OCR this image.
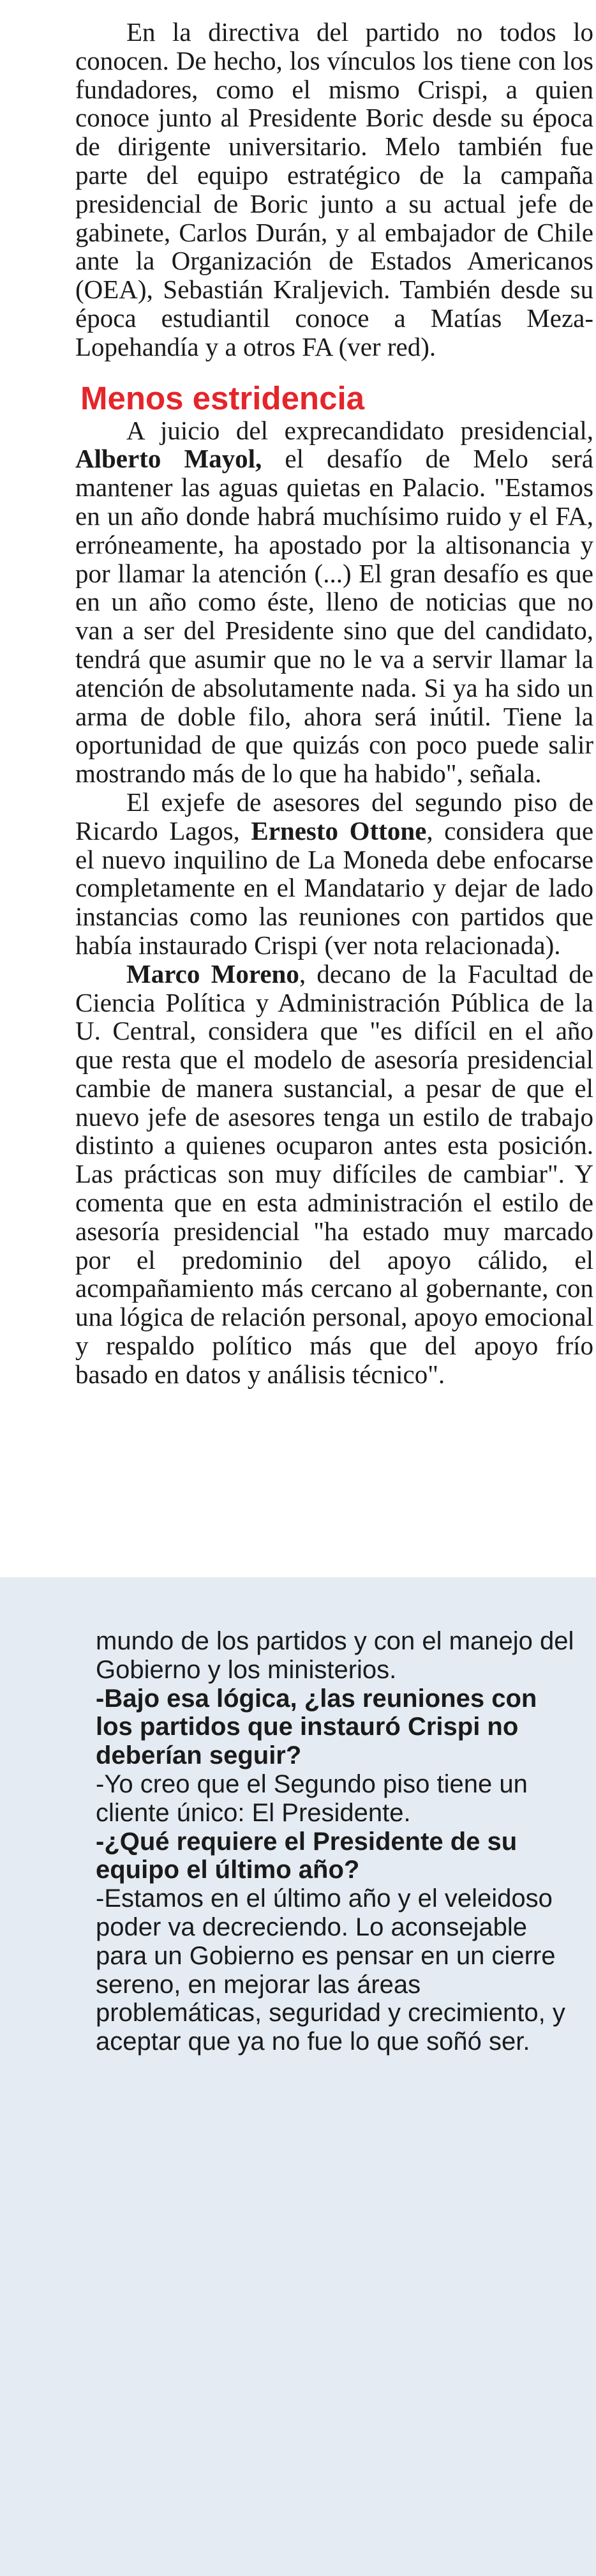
En la directiva del partido no todos lo conocen. De hecho, los vínculos los tiene con los fundadores, como el mismo Crispi, a quien conoce junto al Presidente Boric desde su época de dirigente universitario. Melo también fue parte del equipo estratégico de la campaña presidencial de Boric junto a su actual jefe de gabinete, Carlos Durán, y al embajador de Chile ante la Organización de Estados Americanos (OEA), Sebastián Kraljevich. También desde su época estudiantil conoce a Matías Meza-Lopehandía y a otros FA (ver red).

Menos estridencia

A juicio del exprecandidato presidencial, Alberto Mayol, el desafío de Melo será mantener las aguas quietas en Palacio. "Estamos en un año donde habrá muchísimo ruido y el FA, erróneamente, ha apostado por la altisonancia y por llamar la atención (...) El gran desafío es que en un año como éste, lleno de noticias que no van a ser del Presidente sino que del candidato, tendrá que asumir que no le va a servir llamar la atención de absolutamente nada. Si ya ha sido un arma de doble filo, ahora será inútil. Tiene la oportunidad de que quizás con poco puede salir mostrando más de lo que ha habido", señala.

El exjefe de asesores del segundo piso de Ricardo Lagos, Ernesto Ottone, considera que el nuevo inquilino de La Moneda debe enfocarse completamente en el Mandatario y dejar de lado instancias como las reuniones con partidos que había instaurado Crispi (ver nota relacionada).

Marco Moreno, decano de la Facultad de Ciencia Política y Administración Pública de la U. Central, considera que "es difícil en el año que resta que el modelo de asesoría presidencial cambie de manera sustancial, a pesar de que el nuevo jefe de asesores tenga un estilo de trabajo distinto a quienes ocuparon antes esta posición. Las prácticas son muy difíciles de cambiar". Y comenta que en esta administración el estilo de asesoría presidencial "ha estado muy marcado por el predominio del apoyo cálido, el acompañamiento más cercano al gobernante, con una lógica de relación personal, apoyo emocional y respaldo político más que del apoyo frío basado en datos y análisis técnico".

mundo de los partidos y con el manejo del Gobierno y los ministerios.

-Bajo esa lógica, ¿las reuniones con los partidos que instauró Crispi no deberían seguir?

-Yo creo que el Segundo piso tiene un cliente único: El Presidente.

-¿Qué requiere el Presidente de su equipo el último año?

-Estamos en el último año y el veleidoso poder va decreciendo. Lo aconsejable para un Gobierno es pensar en un cierre sereno, en mejorar las áreas problemáticas, seguridad y crecimiento, y aceptar que ya no fue lo que soñó ser.
